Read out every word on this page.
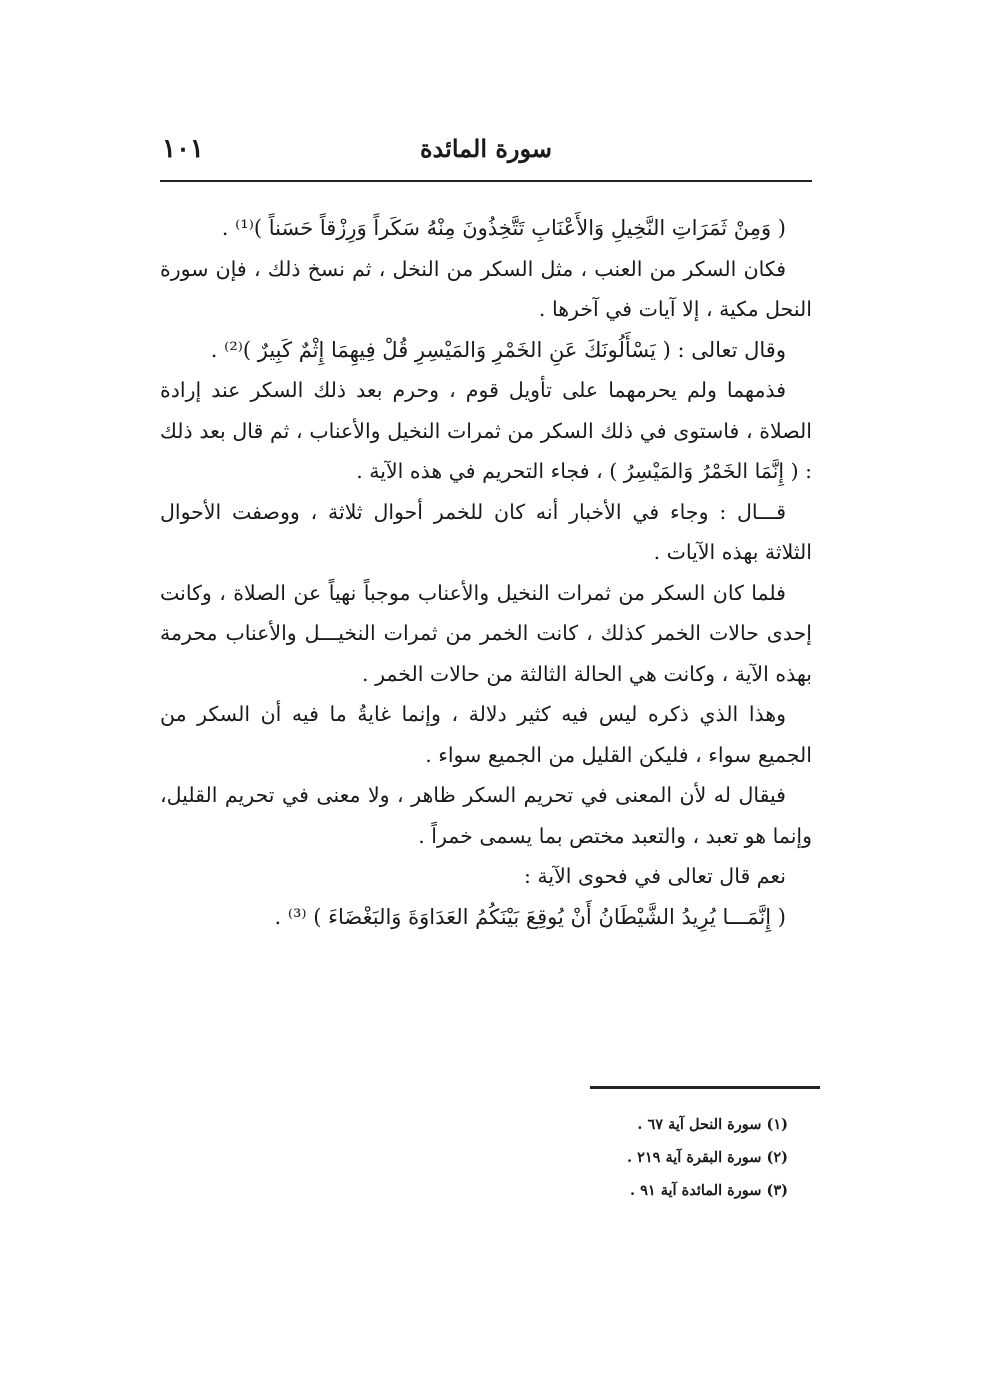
سورة المائدة
١٠١

( وَمِنْ ثَمَرَاتِ النَّخِيلِ وَالأَعْنَابِ تَتَّخِذُونَ مِنْهُ سَكَراً وَرِزْقاً حَسَناً )⁽¹⁾ .

فكان السكر من العنب ، مثل السكر من النخل ، ثم نسخ ذلك ، فإن سورة النحل مكية ، إلا آيات في آخرها .

وقال تعالى : ( يَسْأَلُونَكَ عَنِ الخَمْرِ وَالمَيْسِرِ قُلْ فِيهِمَا إِثْمٌ كَبِيرٌ )⁽²⁾ .

فذمهما ولم يحرمهما على تأويل قوم ، وحرم بعد ذلك السكر عند إرادة الصلاة ، فاستوى في ذلك السكر من ثمرات النخيل والأعناب ، ثم قال بعد ذلك : ( إِنَّمَا الخَمْرُ وَالمَيْسِرُ ) ، فجاء التحريم في هذه الآية .

قـــال : وجاء في الأخبار أنه كان للخمر أحوال ثلاثة ، ووصفت الأحوال الثلاثة بهذه الآيات .

فلما كان السكر من ثمرات النخيل والأعناب موجباً نهياً عن الصلاة ، وكانت إحدى حالات الخمر كذلك ، كانت الخمر من ثمرات النخيـــل والأعناب محرمة بهذه الآية ، وكانت هي الحالة الثالثة من حالات الخمر .

وهذا الذي ذكره ليس فيه كثير دلالة ، وإنما غايةُ ما فيه أن السكر من الجميع سواء ، فليكن القليل من الجميع سواء .

فيقال له لأن المعنى في تحريم السكر ظاهر ، ولا معنى في تحريم القليل، وإنما هو تعبد ، والتعبد مختص بما يسمى خمراً .

نعم قال تعالى في فحوى الآية :

( إِنَّمَـــا يُرِيدُ الشَّيْطَانُ أَنْ يُوقِعَ بَيْنَكُمُ العَدَاوَةَ وَالبَغْضَاءَ ) ⁽³⁾ .

(١) سورة النحل آية ٦٧ .

(٢) سورة البقرة آية ٢١٩ .

(٣) سورة المائدة آية ٩١ .
